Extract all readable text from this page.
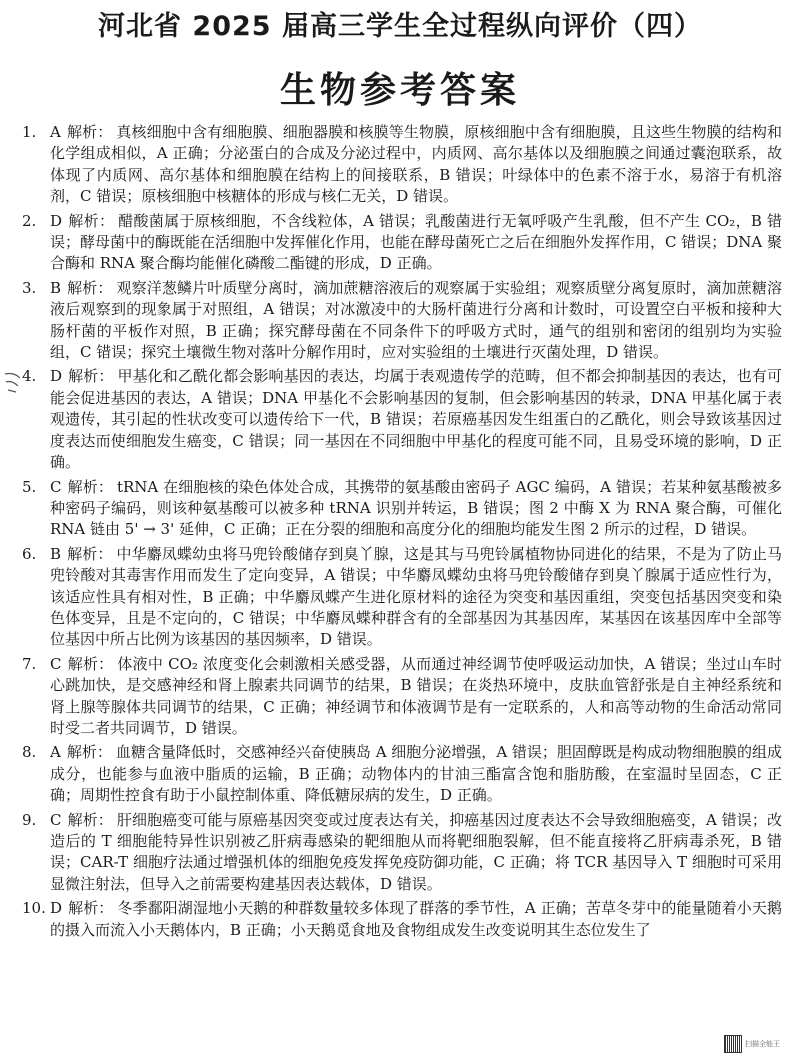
河北省 2025 届高三学生全过程纵向评价（四）
生物参考答案
1. A 解析： 真核细胞中含有细胞膜、细胞器膜和核膜等生物膜，原核细胞中含有细胞膜，且这些生物膜的结构和化学组成相似，A 正确；分泌蛋白的合成及分泌过程中，内质网、高尔基体以及细胞膜之间通过囊泡联系，故体现了内质网、高尔基体和细胞膜在结构上的间接联系，B 错误；叶绿体中的色素不溶于水，易溶于有机溶剂，C 错误；原核细胞中核糖体的形成与核仁无关，D 错误。
2. D 解析： 醋酸菌属于原核细胞，不含线粒体，A 错误；乳酸菌进行无氧呼吸产生乳酸，但不产生 CO₂，B 错误；酵母菌中的酶既能在活细胞中发挥催化作用，也能在酵母菌死亡之后在细胞外发挥作用，C 错误；DNA 聚合酶和 RNA 聚合酶均能催化磷酸二酯键的形成，D 正确。
3. B 解析： 观察洋葱鳞片叶质壁分离时，滴加蔗糖溶液后的观察属于实验组；观察质壁分离复原时，滴加蔗糖溶液后观察到的现象属于对照组，A 错误；对冰激凌中的大肠杆菌进行分离和计数时，可设置空白平板和接种大肠杆菌的平板作对照，B 正确；探究酵母菌在不同条件下的呼吸方式时，通气的组别和密闭的组别均为实验组，C 错误；探究土壤微生物对落叶分解作用时，应对实验组的土壤进行灭菌处理，D 错误。
4. D 解析： 甲基化和乙酰化都会影响基因的表达，均属于表观遗传学的范畴，但不都会抑制基因的表达，也有可能会促进基因的表达，A 错误；DNA 甲基化不会影响基因的复制，但会影响基因的转录，DNA 甲基化属于表观遗传，其引起的性状改变可以遗传给下一代，B 错误；若原癌基因发生组蛋白的乙酰化，则会导致该基因过度表达而使细胞发生癌变，C 错误；同一基因在不同细胞中甲基化的程度可能不同，且易受环境的影响，D 正确。
5. C 解析： tRNA 在细胞核的染色体处合成，其携带的氨基酸由密码子 AGC 编码，A 错误；若某种氨基酸被多种密码子编码，则该种氨基酸可以被多种 tRNA 识别并转运，B 错误；图 2 中酶 X 为 RNA 聚合酶，可催化 RNA 链由 5' → 3' 延伸，C 正确；正在分裂的细胞和高度分化的细胞均能发生图 2 所示的过程，D 错误。
6. B 解析： 中华麝凤蝶幼虫将马兜铃酸储存到臭丫腺，这是其与马兜铃属植物协同进化的结果，不是为了防止马兜铃酸对其毒害作用而发生了定向变异，A 错误；中华麝凤蝶幼虫将马兜铃酸储存到臭丫腺属于适应性行为，该适应性具有相对性，B 正确；中华麝凤蝶产生进化原材料的途径为突变和基因重组，突变包括基因突变和染色体变异，且是不定向的，C 错误；中华麝凤蝶种群含有的全部基因为其基因库，某基因在该基因库中全部等位基因中所占比例为该基因的基因频率，D 错误。
7. C 解析： 体液中 CO₂ 浓度变化会刺激相关感受器，从而通过神经调节使呼吸运动加快，A 错误；坐过山车时心跳加快，是交感神经和肾上腺素共同调节的结果，B 错误；在炎热环境中，皮肤血管舒张是自主神经系统和肾上腺等腺体共同调节的结果，C 正确；神经调节和体液调节是有一定联系的，人和高等动物的生命活动常同时受二者共同调节，D 错误。
8. A 解析： 血糖含量降低时，交感神经兴奋使胰岛 A 细胞分泌增强，A 错误；胆固醇既是构成动物细胞膜的组成成分，也能参与血液中脂质的运输，B 正确；动物体内的甘油三酯富含饱和脂肪酸，在室温时呈固态，C 正确；周期性控食有助于小鼠控制体重、降低糖尿病的发生，D 正确。
9. C 解析： 肝细胞癌变可能与原癌基因突变或过度表达有关，抑癌基因过度表达不会导致细胞癌变，A 错误；改造后的 T 细胞能特异性识别被乙肝病毒感染的靶细胞从而将靶细胞裂解，但不能直接将乙肝病毒杀死，B 错误；CAR-T 细胞疗法通过增强机体的细胞免疫发挥免疫防御功能，C 正确；将 TCR 基因导入 T 细胞时可采用显微注射法，但导入之前需要构建基因表达载体，D 错误。
10. D 解析： 冬季鄱阳湖湿地小天鹅的种群数量较多体现了群落的季节性，A 正确；苦草冬芽中的能量随着小天鹅的摄入而流入小天鹅体内，B 正确；小天鹅觅食地及食物组成发生改变说明其生态位发生了
扫描全能王
